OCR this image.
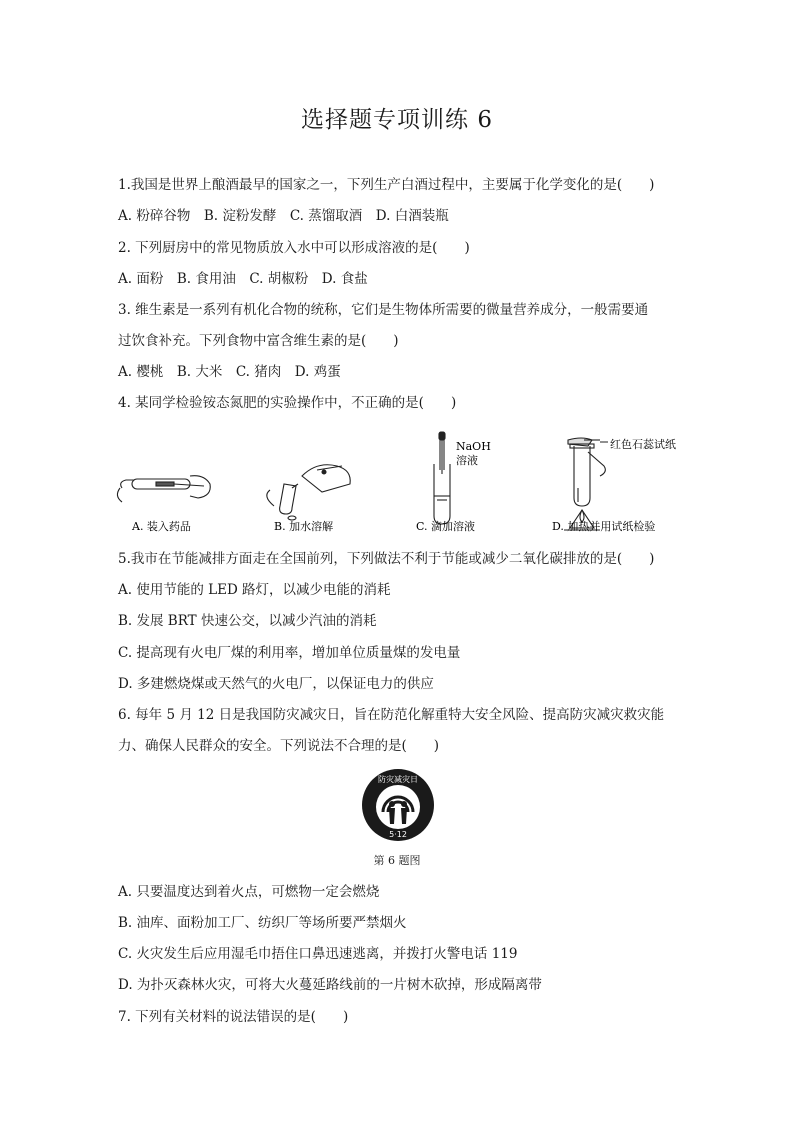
选择题专项训练 6
1.我国是世界上酿酒最早的国家之一，下列生产白酒过程中，主要属于化学变化的是(　　)
A. 粉碎谷物　B. 淀粉发酵　C. 蒸馏取酒　D. 白酒装瓶
2. 下列厨房中的常见物质放入水中可以形成溶液的是(　　)
A. 面粉　B. 食用油　C. 胡椒粉　D. 食盐
3. 维生素是一系列有机化合物的统称，它们是生物体所需要的微量营养成分，一般需要通
过饮食补充。下列食物中富含维生素的是(　　)
A. 樱桃　B. 大米　C. 猪肉　D. 鸡蛋
4. 某同学检验铵态氮肥的实验操作中，不正确的是(　　)
A. 装入药品	B. 加水溶解	C. 滴加溶液	D. 加热并用试纸检验
NaOH
溶液
红色石蕊试纸
5.我市在节能减排方面走在全国前列，下列做法不利于节能或减少二氧化碳排放的是(　　)
A. 使用节能的 LED 路灯，以减少电能的消耗
B. 发展 BRT 快速公交，以减少汽油的消耗
C. 提高现有火电厂煤的利用率，增加单位质量煤的发电量
D. 多建燃烧煤或天然气的火电厂，以保证电力的供应
6. 每年 5 月 12 日是我国防灾减灾日，旨在防范化解重特大安全风险、提高防灾减灾救灾能
力、确保人民群众的安全。下列说法不合理的是(　　)
防灾减灾日
5·12
第 6 题图
A. 只要温度达到着火点，可燃物一定会燃烧
B. 油库、面粉加工厂、纺织厂等场所要严禁烟火
C. 火灾发生后应用湿毛巾捂住口鼻迅速逃离，并拨打火警电话 119
D. 为扑灭森林火灾，可将大火蔓延路线前的一片树木砍掉，形成隔离带
7. 下列有关材料的说法错误的是(　　)
